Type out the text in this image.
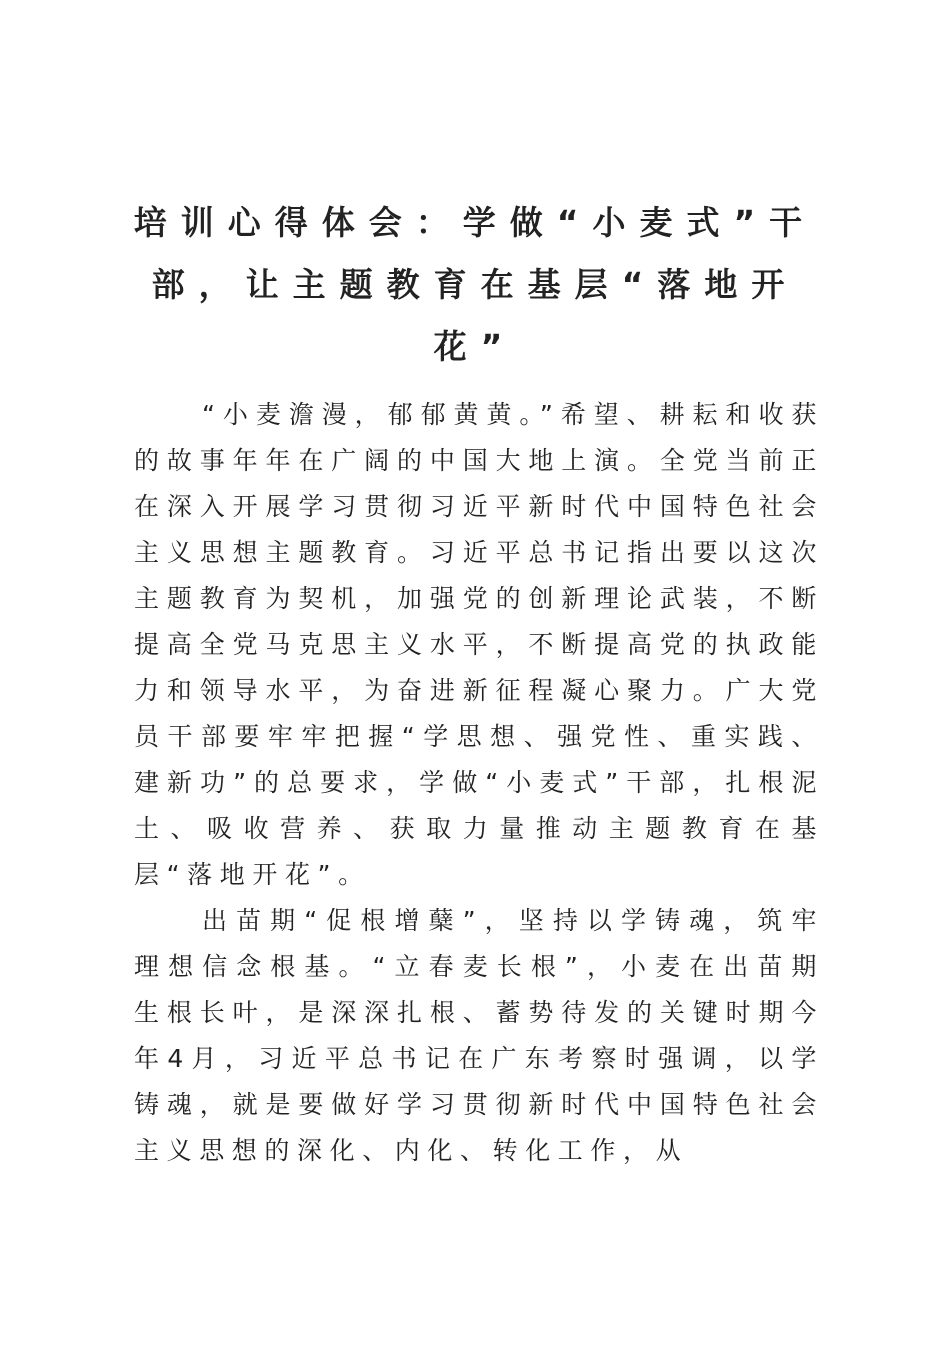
培训心得体会：学做“小麦式”干部，让主题教育在基层“落地开花”

“小麦澹漫，郁郁黄黄。”希望、耕耘和收获的故事年年在广阔的中国大地上演。全党当前正在深入开展学习贯彻习近平新时代中国特色社会主义思想主题教育。习近平总书记指出要以这次主题教育为契机，加强党的创新理论武装，不断提高全党马克思主义水平，不断提高党的执政能力和领导水平，为奋进新征程凝心聚力。广大党员干部要牢牢把握“学思想、强党性、重实践、建新功”的总要求，学做“小麦式”干部，扎根泥土、吸收营养、获取力量推动主题教育在基层“落地开花”。

出苗期“促根增蘖”，坚持以学铸魂，筑牢理想信念根基。“立春麦长根”，小麦在出苗期生根长叶，是深深扎根、蓄势待发的关键时期今年4月，习近平总书记在广东考察时强调，以学铸魂，就是要做好学习贯彻新时代中国特色社会主义思想的深化、内化、转化工作，从
